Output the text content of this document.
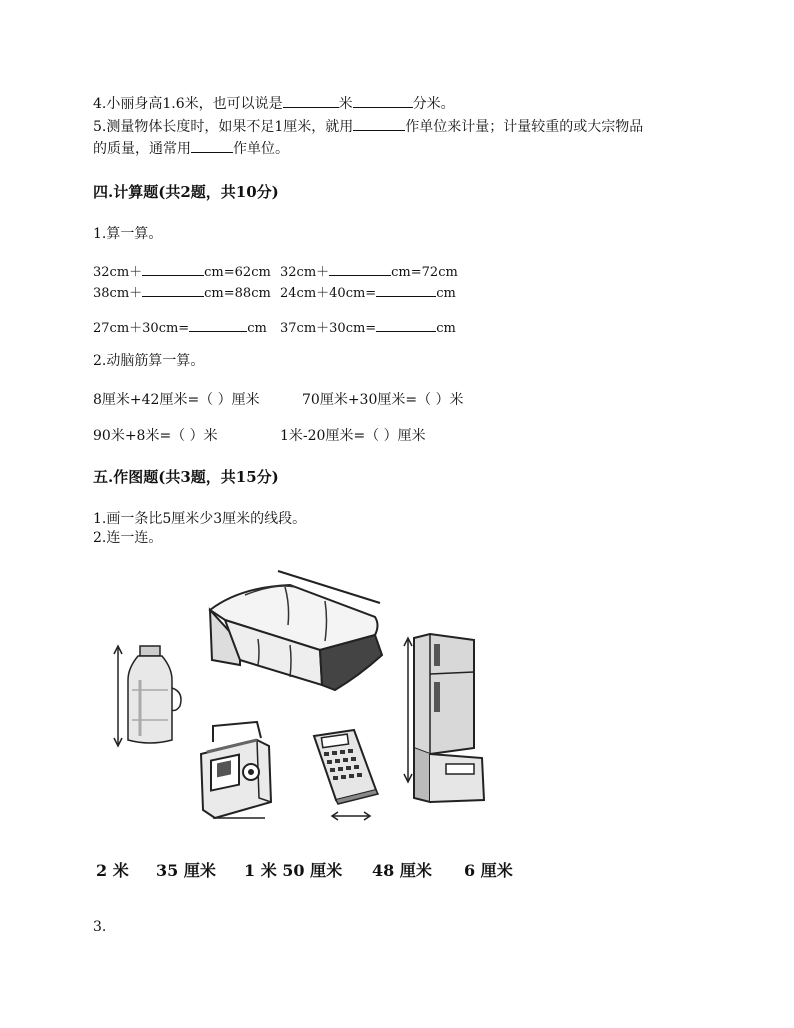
4.小丽身高1.6米，也可以说是	米	分米。
5.测量物体长度时，如果不足1厘米，就用	作单位来计量；计量较重的或大宗物品
的质量，通常用	作单位。
四.计算题(共2题，共10分)
1.算一算。
32cm＋	cm=62cm 32cm＋	cm=72cm
38cm＋	cm=88cm 24cm＋40cm=	cm
27cm＋30cm=	cm 37cm＋30cm=	cm
2.动脑筋算一算。
8厘米+42厘米=（ ）厘米	70厘米+30厘米=（ ）米
90米+8米=（ ）米	1米-20厘米=（ ）厘米
五.作图题(共3题，共15分)
1.画一条比5厘米少3厘米的线段。
2.连一连。
2 米 35 厘米 1 米 50 厘米 48 厘米 6 厘米
3.
